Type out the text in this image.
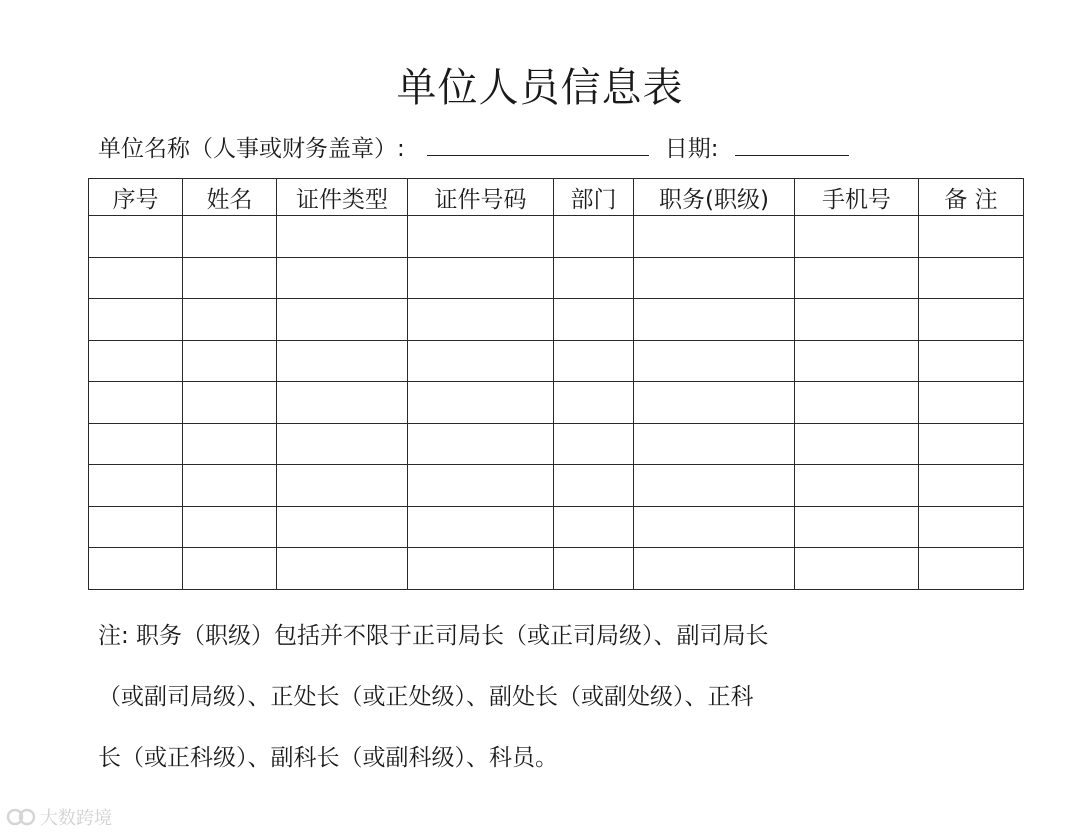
单位人员信息表
单位名称（人事或财务盖章）:	日期:
序号	姓名	证件类型	证件号码	部门	职务(职级)	手机号	备 注

注: 职务（职级）包括并不限于正司局长（或正司局级）、副司局长

（或副司局级）、正处长（或正处级）、副处长（或副处级）、正科

长（或正科级）、副科长（或副科级）、科员。

大数跨境
